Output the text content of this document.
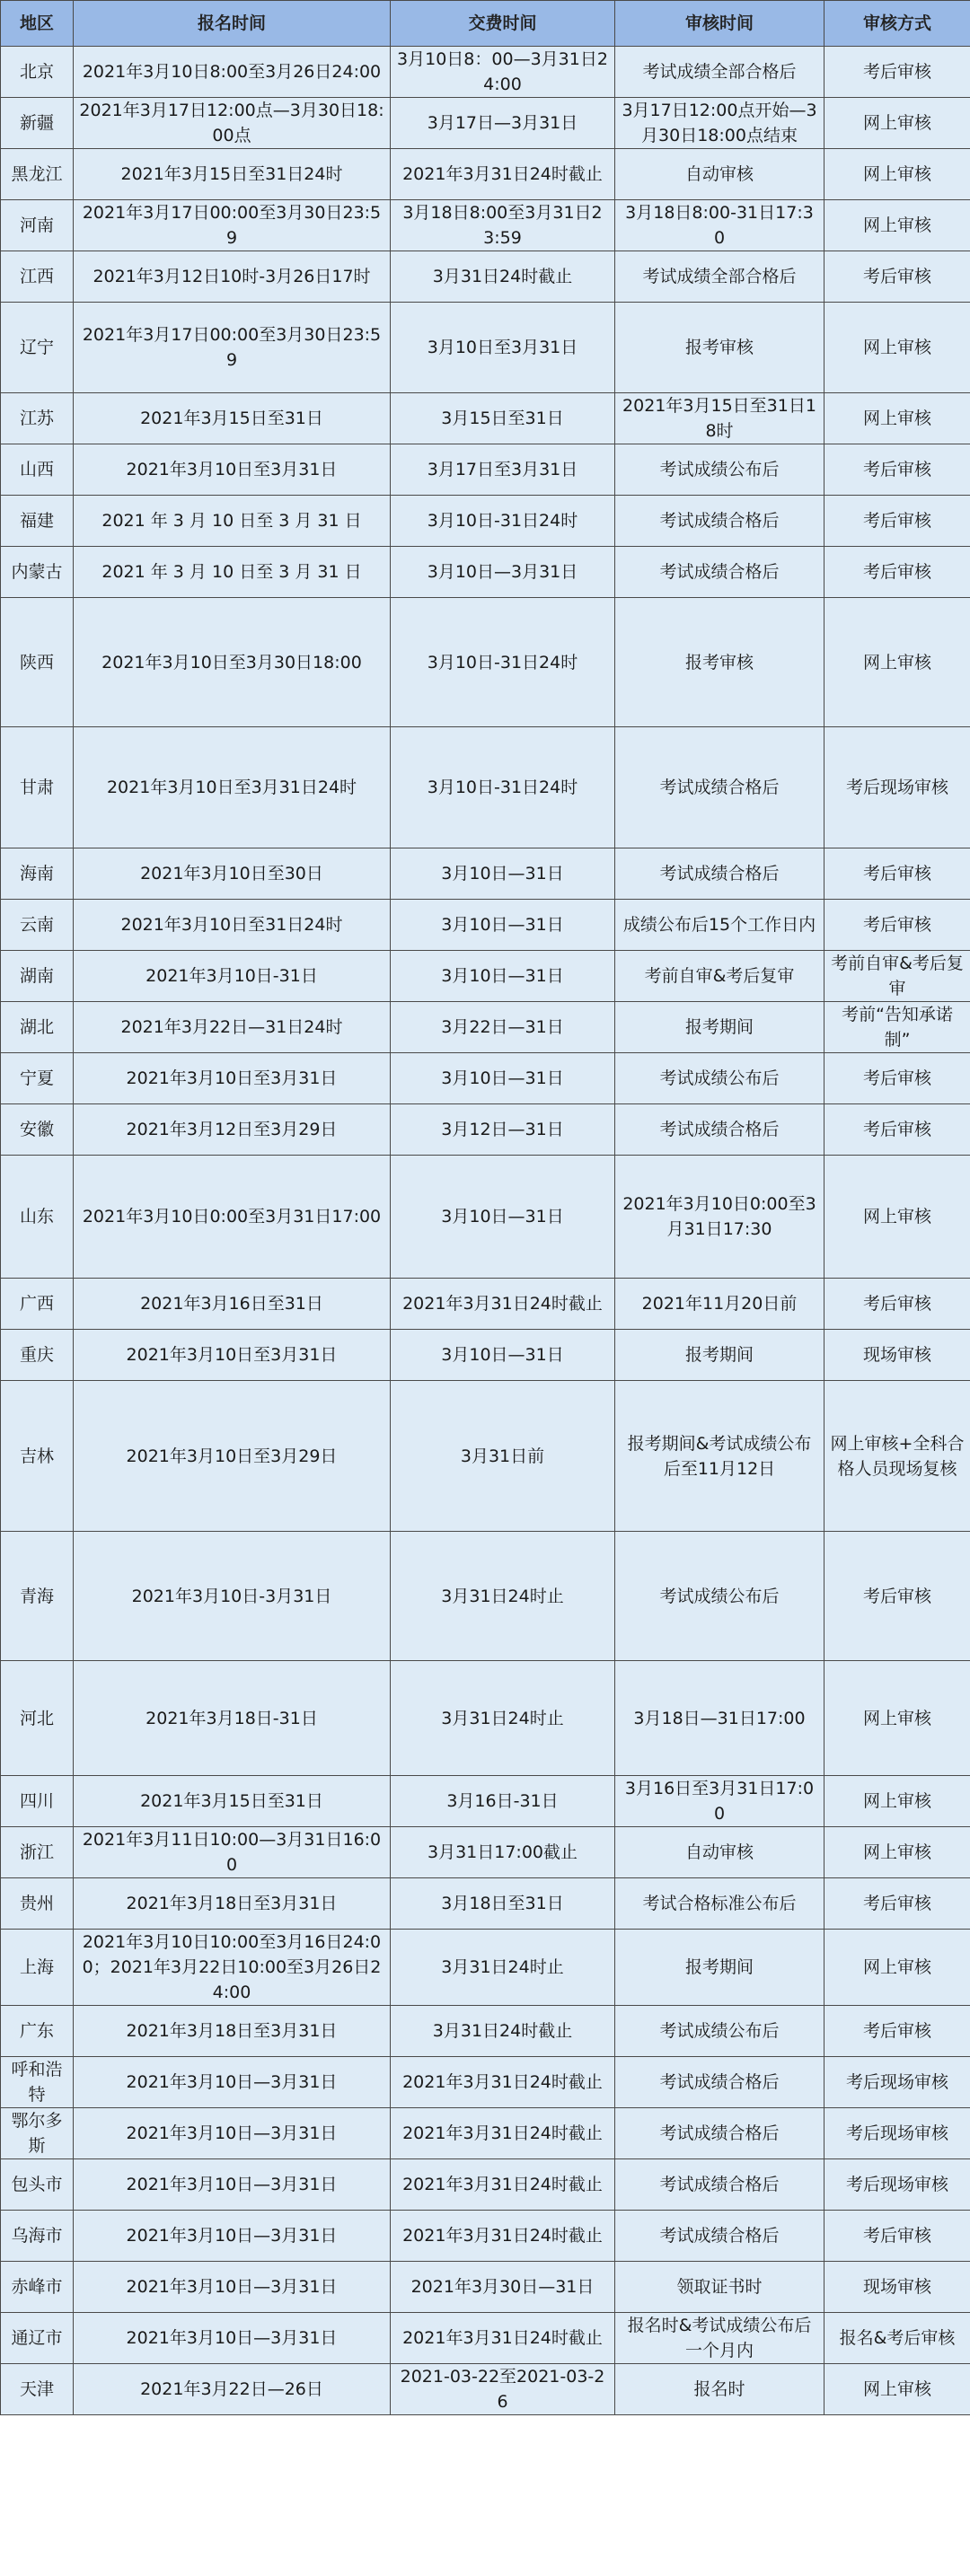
地区	报名时间	交费时间	审核时间	审核方式
北京	2021年3月10日8:00至3月26日24:00	3月10日8：00—3月31日24:00	考试成绩全部合格后	考后审核
新疆	2021年3月17日12:00点—3月30日18:00点	3月17日—3月31日	3月17日12:00点开始—3月30日18:00点结束	网上审核
黑龙江	2021年3月15日至31日24时	2021年3月31日24时截止	自动审核	网上审核
河南	2021年3月17日00:00至3月30日23:59	3月18日8:00至3月31日23:59	3月18日8:00-31日17:30	网上审核
江西	2021年3月12日10时-3月26日17时	3月31日24时截止	考试成绩全部合格后	考后审核
辽宁	2021年3月17日00:00至3月30日23:59	3月10日至3月31日	报考审核	网上审核
江苏	2021年3月15日至31日	3月15日至31日	2021年3月15日至31日18时	网上审核
山西	2021年3月10日至3月31日	3月17日至3月31日	考试成绩公布后	考后审核
福建	2021 年 3 月 10 日至 3 月 31 日	3月10日-31日24时	考试成绩合格后	考后审核
内蒙古	2021 年 3 月 10 日至 3 月 31 日	3月10日—3月31日	考试成绩合格后	考后审核
陕西	2021年3月10日至3月30日18:00	3月10日-31日24时	报考审核	网上审核
甘肃	2021年3月10日至3月31日24时	3月10日-31日24时	考试成绩合格后	考后现场审核
海南	2021年3月10日至30日	3月10日—31日	考试成绩合格后	考后审核
云南	2021年3月10日至31日24时	3月10日—31日	成绩公布后15个工作日内	考后审核
湖南	2021年3月10日-31日	3月10日—31日	考前自审&考后复审	考前自审&考后复审
湖北	2021年3月22日—31日24时	3月22日—31日	报考期间	考前“告知承诺制”
宁夏	2021年3月10日至3月31日	3月10日—31日	考试成绩公布后	考后审核
安徽	2021年3月12日至3月29日	3月12日—31日	考试成绩合格后	考后审核
山东	2021年3月10日0:00至3月31日17:00	3月10日—31日	2021年3月10日0:00至3月31日17:30	网上审核
广西	2021年3月16日至31日	2021年3月31日24时截止	2021年11月20日前	考后审核
重庆	2021年3月10日至3月31日	3月10日—31日	报考期间	现场审核
吉林	2021年3月10日至3月29日	3月31日前	报考期间&考试成绩公布后至11月12日	网上审核+全科合格人员现场复核
青海	2021年3月10日-3月31日	3月31日24时止	考试成绩公布后	考后审核
河北	2021年3月18日-31日	3月31日24时止	3月18日—31日17:00	网上审核
四川	2021年3月15日至31日	3月16日-31日	3月16日至3月31日17:00	网上审核
浙江	2021年3月11日10:00—3月31日16:00	3月31日17:00截止	自动审核	网上审核
贵州	2021年3月18日至3月31日	3月18日至31日	考试合格标准公布后	考后审核
上海	2021年3月10日10:00至3月16日24:00；2021年3月22日10:00至3月26日24:00	3月31日24时止	报考期间	网上审核
广东	2021年3月18日至3月31日	3月31日24时截止	考试成绩公布后	考后审核
呼和浩特	2021年3月10日—3月31日	2021年3月31日24时截止	考试成绩合格后	考后现场审核
鄂尔多斯	2021年3月10日—3月31日	2021年3月31日24时截止	考试成绩合格后	考后现场审核
包头市	2021年3月10日—3月31日	2021年3月31日24时截止	考试成绩合格后	考后现场审核
乌海市	2021年3月10日—3月31日	2021年3月31日24时截止	考试成绩合格后	考后审核
赤峰市	2021年3月10日—3月31日	2021年3月30日—31日	领取证书时	现场审核
通辽市	2021年3月10日—3月31日	2021年3月31日24时截止	报名时&考试成绩公布后一个月内	报名&考后审核
天津	2021年3月22日—26日	2021-03-22至2021-03-26	报名时	网上审核
